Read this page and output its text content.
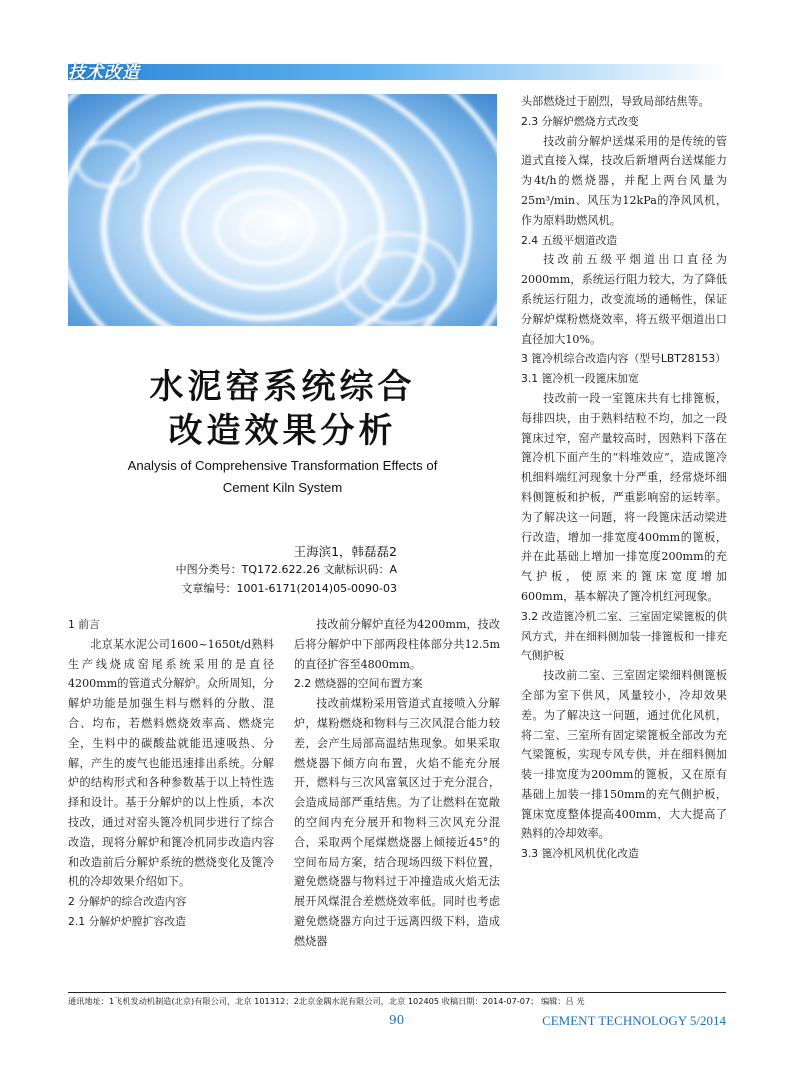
技术改造
水泥窑系统综合
改造效果分析
Analysis of Comprehensive Transformation Effects of
Cement Kiln System
王海滨1，韩磊磊2
中图分类号：TQ172.622.26 文献标识码：A
文章编号：1001-6171(2014)05-0090-03

1 前言

北京某水泥公司1600~1650t/d熟料生产线烧成窑尾系统采用的是直径4200mm的管道式分解炉。众所周知，分解炉功能是加强生料与燃料的分散、混合、均布，若燃料燃烧效率高、燃烧完全，生料中的碳酸盐就能迅速吸热、分解，产生的废气也能迅速排出系统。分解炉的结构形式和各种参数基于以上特性选择和设计。基于分解炉的以上性质，本次技改，通过对窑头篦冷机同步进行了综合改造，现将分解炉和篦冷机同步改造内容和改造前后分解炉系统的燃烧变化及篦冷机的冷却效果介绍如下。

2 分解炉的综合改造内容

2.1 分解炉炉膛扩容改造

技改前分解炉直径为4200mm，技改后将分解炉中下部两段柱体部分共12.5m的直径扩容至4800mm。

2.2 燃烧器的空间布置方案

技改前煤粉采用管道式直接喷入分解炉，煤粉燃烧和物料与三次风混合能力较差，会产生局部高温结焦现象。如果采取燃烧器下倾方向布置，火焰不能充分展开，燃料与三次风富氧区过于充分混合，会造成局部严重结焦。为了让燃料在宽敞的空间内充分展开和物料三次风充分混合，采取两个尾煤燃烧器上倾接近45°的空间布局方案，结合现场四级下料位置，避免燃烧器与物料过于冲撞造成火焰无法展开风煤混合差燃烧效率低。同时也考虑避免燃烧器方向过于远离四级下料，造成燃烧器

头部燃烧过于剧烈，导致局部结焦等。

2.3 分解炉燃烧方式改变

技改前分解炉送煤采用的是传统的管道式直接入煤，技改后新增两台送煤能力为4t/h的燃烧器，并配上两台风量为25m³/min、风压为12kPa的净风风机，作为原料助燃风机。

2.4 五级平烟道改造

技改前五级平烟道出口直径为2000mm，系统运行阻力较大，为了降低系统运行阻力，改变流场的通畅性，保证分解炉煤粉燃烧效率，将五级平烟道出口直径加大10%。

3 篦冷机综合改造内容（型号LBT28153）

3.1 篦冷机一段篦床加宽

技改前一段一室篦床共有七排篦板，每排四块，由于熟料结粒不均，加之一段篦床过窄，窑产量较高时，因熟料下落在篦冷机下面产生的“料堆效应”，造成篦冷机细料端红河现象十分严重，经常烧坏细料侧篦板和护板，严重影响窑的运转率。为了解决这一问题，将一段篦床活动梁进行改造，增加一排宽度400mm的篦板，并在此基础上增加一排宽度200mm的充气护板，使原来的篦床宽度增加600mm，基本解决了篦冷机红河现象。

3.2 改造篦冷机二室、三室固定梁篦板的供风方式，并在细料侧加装一排篦板和一排充气侧护板

技改前二室、三室固定梁细料侧篦板全部为室下供风，风量较小，冷却效果差。为了解决这一问题，通过优化风机，将二室、三室所有固定梁篦板全部改为充气梁篦板，实现专风专供，并在细料侧加装一排宽度为200mm的篦板，又在原有基础上加装一排150mm的充气侧护板，篦床宽度整体提高400mm，大大提高了熟料的冷却效率。

3.3 篦冷机风机优化改造

通讯地址：1飞机发动机制造(北京)有限公司，北京 101312；2北京金隅水泥有限公司，北京 102405 收稿日期：2014-07-07； 编辑：吕 光
90	CEMENT TECHNOLOGY 5/2014
